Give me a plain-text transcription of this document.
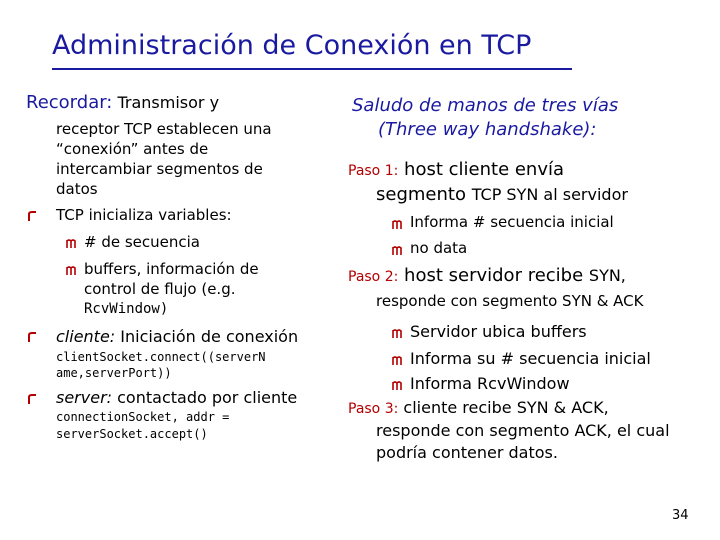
Administración de Conexión en TCP
Recordar: Transmisor y
receptor TCP establecen una
“conexión” antes de
intercambiar segmentos de
datos
TCP inicializa variables:
# de secuencia
buffers, información de
control de flujo (e.g.
RcvWindow)
cliente: Iniciación de conexión
clientSocket.connect((serverN
ame,serverPort))
server: contactado por cliente
connectionSocket, addr =
serverSocket.accept()
Saludo de manos de tres vías
(Three way handshake):
Paso 1: host cliente envía
segmento TCP SYN al servidor
Informa # secuencia inicial
no data
Paso 2: host servidor recibe SYN,
responde con segmento SYN & ACK
Servidor ubica buffers
Informa su # secuencia inicial
Informa RcvWindow
Paso 3: cliente recibe SYN & ACK,
responde con segmento ACK, el cual
podría contener datos.
34
